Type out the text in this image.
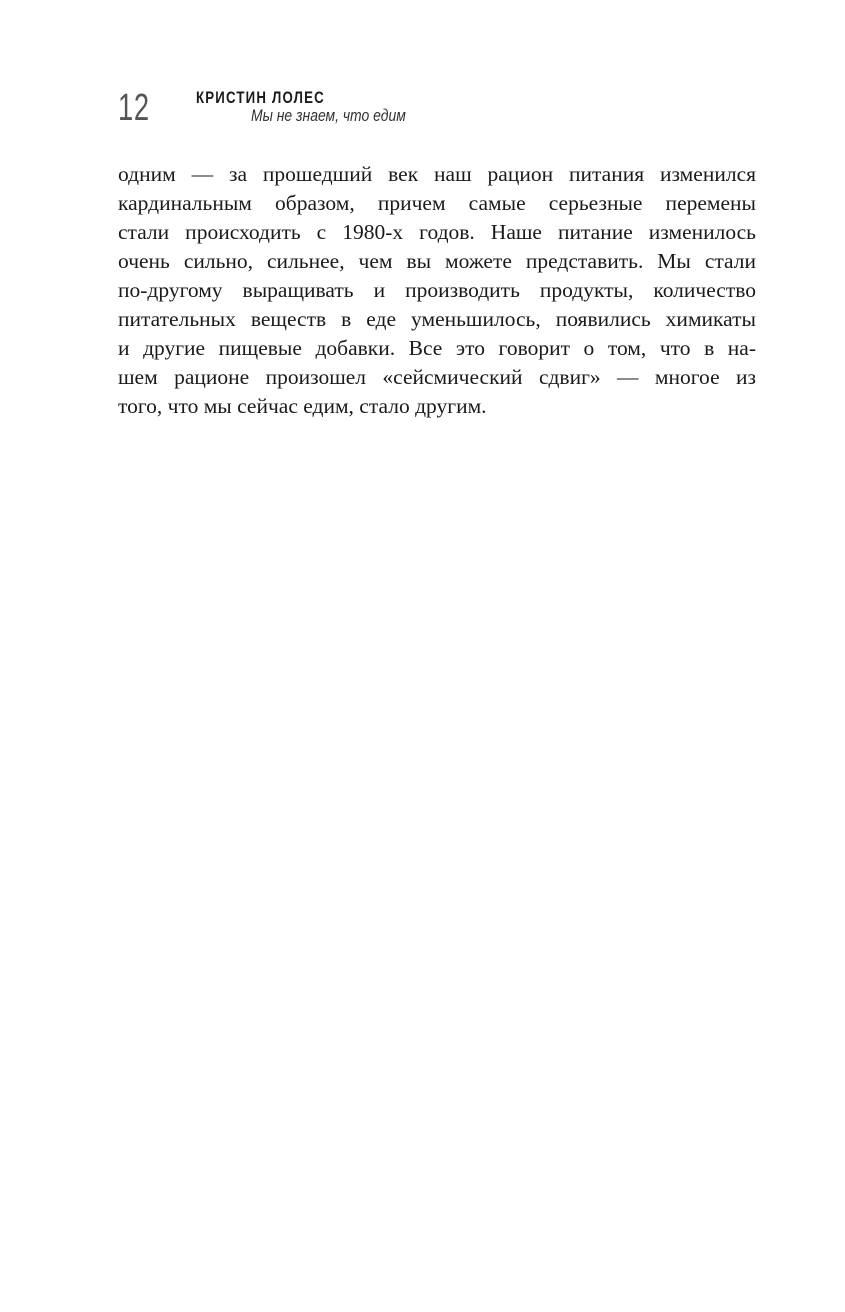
12	КРИСТИН ЛОЛЕС
Мы не знаем, что едим
одним — за прошедший век наш рацион питания изменился
кардинальным образом, причем самые серьезные перемены
стали происходить с 1980-х годов. Наше питание изменилось
очень сильно, сильнее, чем вы можете представить. Мы стали
по-другому выращивать и производить продукты, количество
питательных веществ в еде уменьшилось, появились химикаты
и другие пищевые добавки. Все это говорит о том, что в на-
шем рационе произошел «сейсмический сдвиг» — многое из
того, что мы сейчас едим, стало другим.
